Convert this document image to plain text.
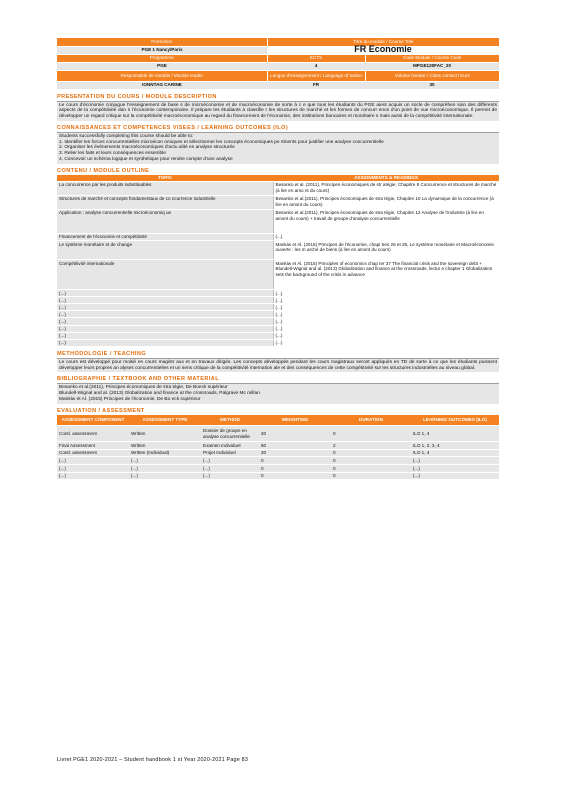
Promotion	Titre du module / Course Title	
PGE 1 Nancy/Paris	FR Economie	
Programme	ECTS	Code Module / Course Code
PGE	4	MPGE120FAC_20
Responsable de module / Module leader	Langue d'enseignement / Language of tuition	Volume horaire / Class contact hours
IONNTAG CARINE	FR	30
PRESENTATION DU COURS / MODULE DESCRIPTION
Le cours d'économie conjugue l'enseignement de base s de microéconomie et de macroéconomie de sorte à c e que tous les étudiants du PGE aient acquis un socle de compréhen sion des différents aspects de la compétitivité dan s l'économie contemporaine. Il prépare les étudiants à classifie r les structures de marché et les formes de concurr ence d'un point de vue microéconomique. Il permet de développer un regard critique sur la compétitivité macroéconomique au regard du financement de l'économie, des institutions bancaires et monétaire s mais aussi de la compétitivité internationale.
CONNAISSANCES ET COMPETENCES VISEES / LEARNING OUTCOMES (ILO)
Students successfully completing this course should be able to:
1. Identifier les forces concurrentielles microécon omiques et sélectionner les concepts économiques pe rtinents pour justifier une analyse concurrentielle
2. Organiser les événements macroéconomiques d'actu alité en analyse structurée
3. Relier les faits et leurs conséquences ensemble
4. Concevoir un schéma logique et synthétique pour rendre compte d'une analyse
CONTENU / MODULE OUTLINE
TOPIC	ASSIGNMENTS & READINGS
La concurrence par les produits substituables	Besanko et al. (2011), Principes économiques de str atégie, Chapitre 8 Concurrence et structures de marché (à lire en amo nt du cours)
Structures de marché et concepts fondamentaux de co ncurrence industrielle	Besanko et al.(2011), Principes économiques de stra tégie, Chapitre 10 La dynamique de la concurrence (à lire en amont du cours)
Application : analyse concurrentielle microéconomiq ue	Besanko et al.(2011), Principes économiques de stra tégie, Chapitre 12 Analyse de l'industrie (à lire en amont du cours) + travail de groupe d'analyse concurrentielle
Financement de l'économie et compétitivité	(...)
Le système monétaire et de change	Mankiw et Al. (2015) Principes de l'économie, chapi tres 26 et 28, Le système monétaire et Macroéconomie ouverte : les m arché de biens (à lire en amont du cours)
Compétitivité internationale	Mankiw et Al. (2015) Principles of economics chap ter 37 The financial crisis and the sovereign debt + Blundell-Wignal and al. (2013) Globalization and finance at the crossroads, lectur e chapter 1 Globalization sets the background of the crisis in advance
(...)	(...)
(...)	(...)
(...)	(...)
(...)	(...)
(...)	(...)
(...)	(...)
(...)	(...)
(...)	(...)
METHODOLOGIE / TEACHING
Le cours est développé pour moitié en cours magistr aux et en travaux dirigés. Les concepts développés pendant les cours magistraux seront appliqués en TD de sorte à ce que les étudiants puissent développer leurs propres an alyses concurrentielles et un sens critique de la compétitivité internation ale et des conséquences de cette compétitivité sur les structures industrielles au niveau global.
BIBLIOGRAPHIE / TEXTBOOK AND OTHER MATERIAL
Besanko et al.(2011), Principes économiques de stra tégie, De Boeck supérieur
Blundell-Wignal and al. (2013) Globalization and finance at the crossroads, Palgrave Mc millan
Mankiw et Al. (2015) Principes de l'économie, De Bo eck supérieur
EVALUATION / ASSESSMENT
ASSESSMENT COMPONENT	ASSESSMENT TYPE	METHOD	WEIGHTING	DURATION	LEARNING OUTCOMES (ILO)
Contl. assessment	Written	Dossier de groupe en analyse concurrentielle	20	0	ILO 1, 4
Final Assessment	Written	Examen Individuel	60	2	ILO 1, 2, 3, 4
Contl. assessment	Written (Individual)	Projet Individuel	20	0	ILO 1, 4
(...)	(...)	(...)	0	0	(...)
(...)	(...)	(...)	0	0	(...)
(...)	(...)	(...)	0	0	(...)
Livret PGE1 2020-2021 – Student handbook 1 st Year 2020-2021 Page 83
